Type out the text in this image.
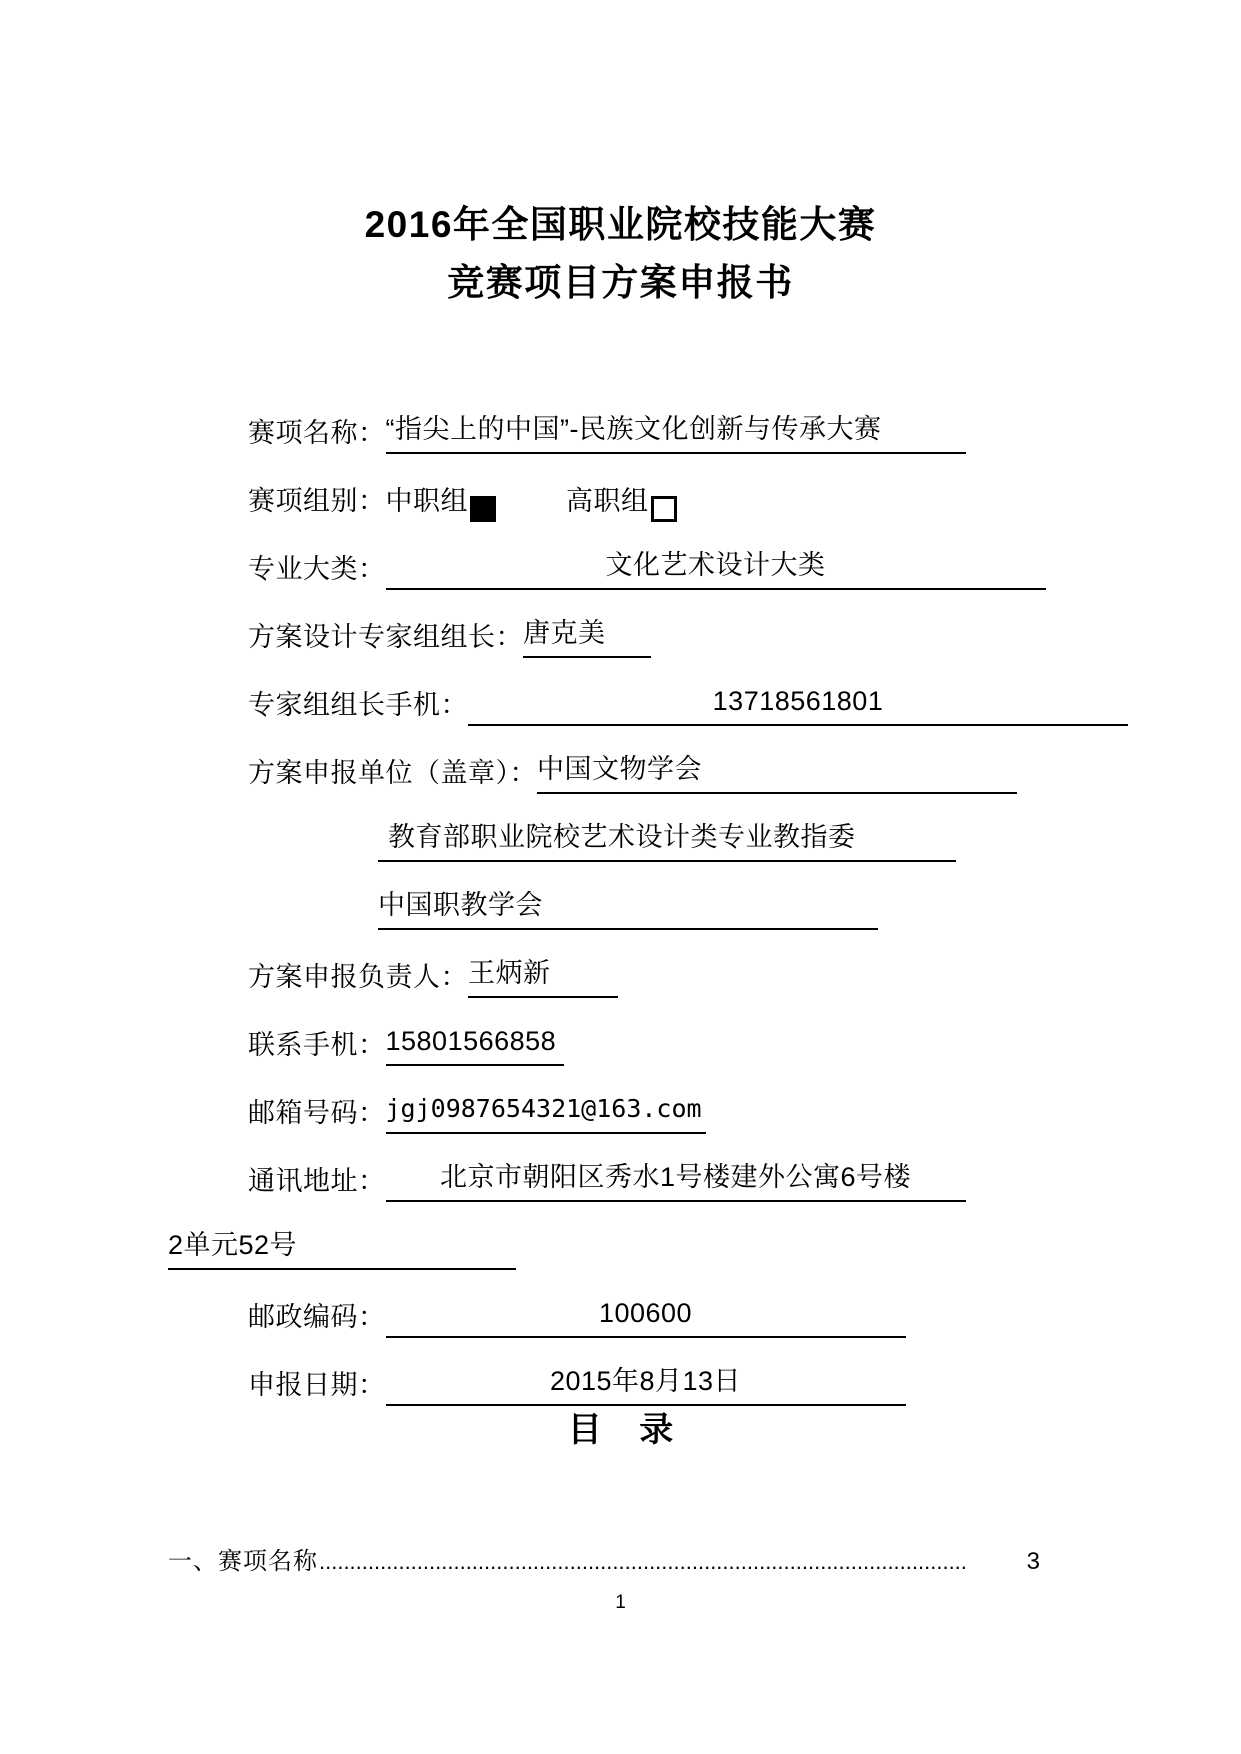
2016年全国职业院校技能大赛
竞赛项目方案申报书
赛项名称： “指尖上的中国”-民族文化创新与传承大赛
赛项组别： 中职组	高职组
专业大类：	文化艺术设计大类
方案设计专家组组长： 唐克美
专家组组长手机：	13718561801
方案申报单位（盖章）： 中国文物学会
教育部职业院校艺术设计类专业教指委
中国职教学会
方案申报负责人： 王炳新
联系手机： 15801566858
邮箱号码： jgj0987654321@163.com
通讯地址：	北京市朝阳区秀水1号楼建外公寓6号楼
2单元52号
邮政编码：	100600
申报日期：	2015年8月13日
目 录
一、赛项名称 ..........................................................................................................	3
1
